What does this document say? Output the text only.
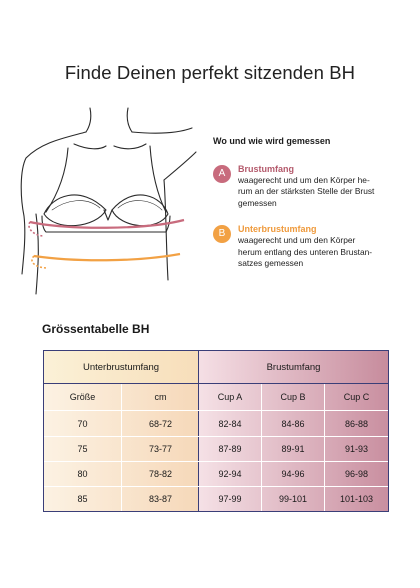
Finde Deinen perfekt sitzenden BH
Wo und wie wird gemessen
A	Brustumfang
waagerecht und um den Körper he-
rum an der stärksten Stelle der Brust
gemessen
B	Unterbrustumfang
waagerecht und um den Körper
herum entlang des unteren Brustan-
satzes gemessen
Grössentabelle BH
Unterbrustumfang	Brustumfang
Größe	cm	Cup A	Cup B	Cup C
70	68-72	82-84	84-86	86-88
75	73-77	87-89	89-91	91-93
80	78-82	92-94	94-96	96-98
85	83-87	97-99	99-101	101-103
